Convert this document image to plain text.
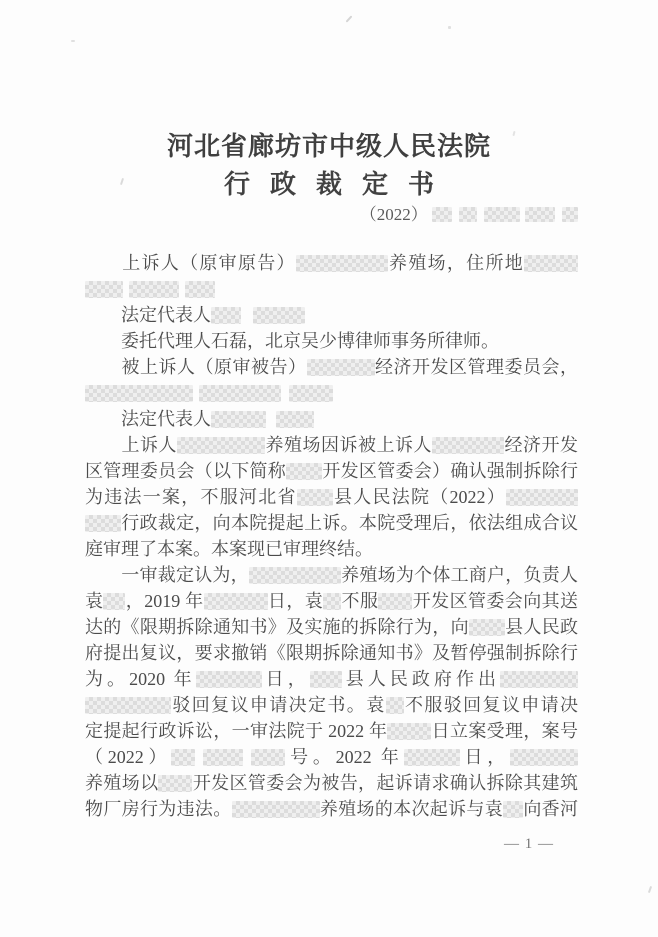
河北省廊坊市中级人民法院
行政裁定书
（2022）
上诉人（原审原告）	养殖场，住所地
法定代表人
委托代理人石磊，北京吴少博律师事务所律师。
被上诉人（原审被告）	经济开发区管理委员会，
法定代表人
上诉人	养殖场因诉被上诉人	经济开发
区管理委员会（以下简称 开发区管委会）确认强制拆除行
为违法一案，不服河北省 县人民法院（2022）
行政裁定，向本院提起上诉。本院受理后，依法组成合议
庭审理了本案。本案现已审理终结。
一审裁定认为，	养殖场为个体工商户，负责人
袁 ，2019 年	日，袁 不服 开发区管委会向其送
达的《限期拆除通知书》及实施的拆除行为，向 县人民政
府提出复议，要求撤销《限期拆除通知书》及暂停强制拆除行
为。2020 年	日， 县人民政府作出
驳回复议申请决定书。袁 不服驳回复议申请决
定提起行政诉讼，一审法院于 2022 年 日立案受理，案号
（2022）	号。2022 年	日，
养殖场以 开发区管委会为被告，起诉请求确认拆除其建筑
物厂房行为违法。	养殖场的本次起诉与袁 向香河
— 1 —
